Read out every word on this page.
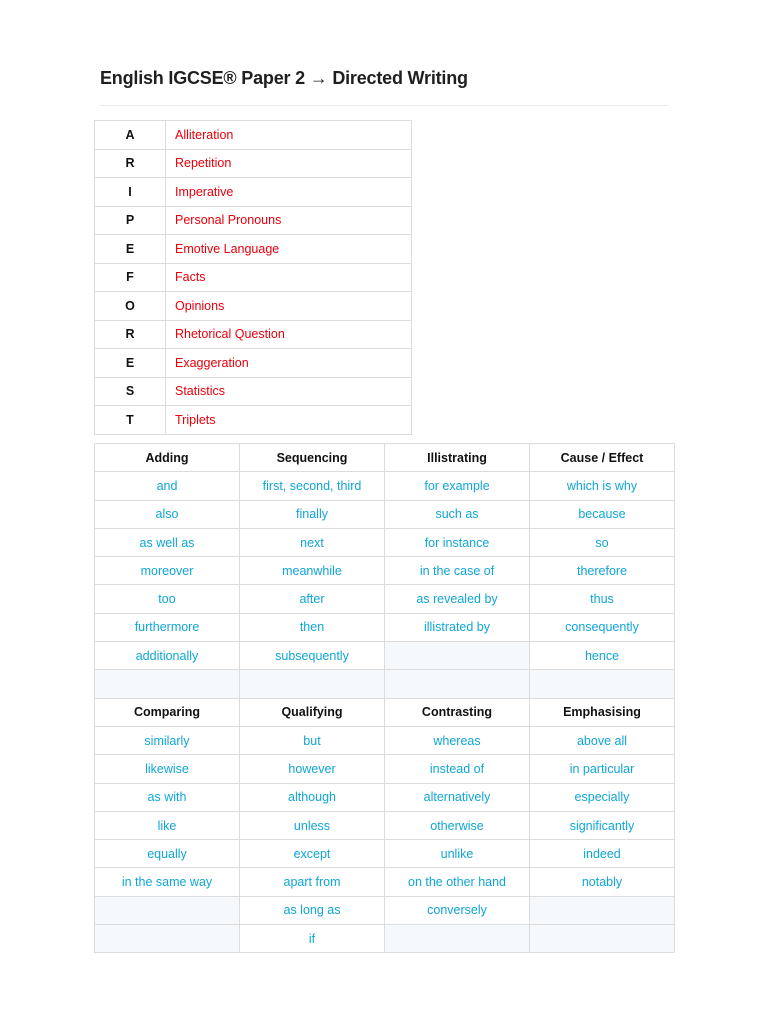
English IGCSE® Paper 2 → Directed Writing
A	Alliteration
R	Repetition
I	Imperative
P	Personal Pronouns
E	Emotive Language
F	Facts
O	Opinions
R	Rhetorical Question
E	Exaggeration
S	Statistics
T	Triplets
Adding	Sequencing	Illistrating	Cause / Effect
and	first, second, third	for example	which is why
also	finally	such as	because
as well as	next	for instance	so
moreover	meanwhile	in the case of	therefore
too	after	as revealed by	thus
furthermore	then	illistrated by	consequently
additionally	subsequently		hence

Comparing	Qualifying	Contrasting	Emphasising
similarly	but	whereas	above all
likewise	however	instead of	in particular
as with	although	alternatively	especially
like	unless	otherwise	significantly
equally	except	unlike	indeed
in the same way	apart from	on the other hand	notably
	as long as	conversely	
	if		
